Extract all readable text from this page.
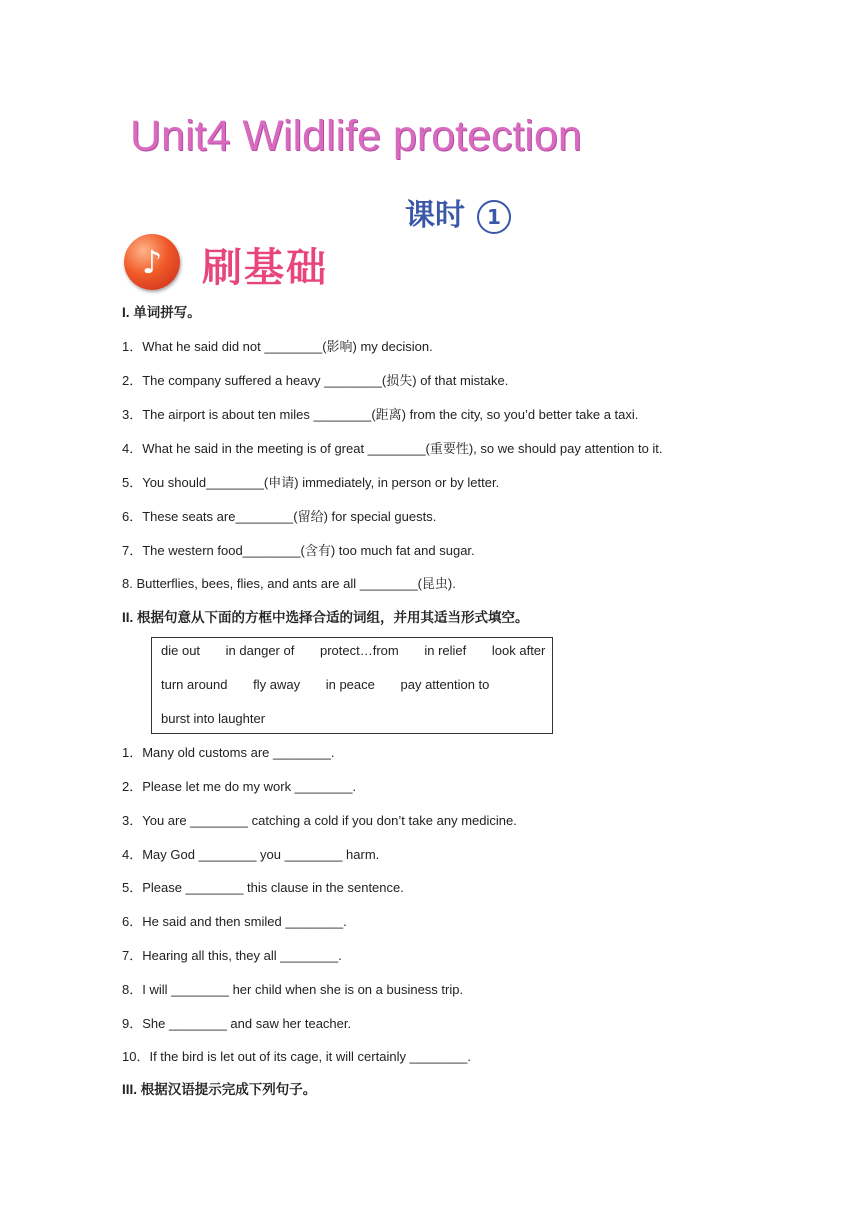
Unit4 Wildlife protection
课时 1
♪ 刷基础
I. 单词拼写。
1．What he said did not ________(影响) my decision.
2．The company suffered a heavy ________(损失) of that mistake.
3．The airport is about ten miles ________(距离) from the city, so you’d better take a taxi.
4．What he said in the meeting is of great ________(重要性), so we should pay attention to it.
5．You should________(申请) immediately, in person or by letter.
6．These seats are________(留给) for special guests.
7．The western food________(含有) too much fat and sugar.
8. Butterflies, bees, flies, and ants are all ________(昆虫).
II. 根据句意从下面的方框中选择合适的词组，并用其适当形式填空。
die out in danger of protect…from in relief look after
turn around fly away in peace pay attention to
burst into laughter
1．Many old customs are ________.
2．Please let me do my work ________.
3．You are ________ catching a cold if you don’t take any medicine.
4．May God ________ you ________ harm.
5．Please ________ this clause in the sentence.
6．He said and then smiled ________.
7．Hearing all this, they all ________.
8．I will ________ her child when she is on a business trip.
9．She ________ and saw her teacher.
10．If the bird is let out of its cage, it will certainly ________.
III. 根据汉语提示完成下列句子。
